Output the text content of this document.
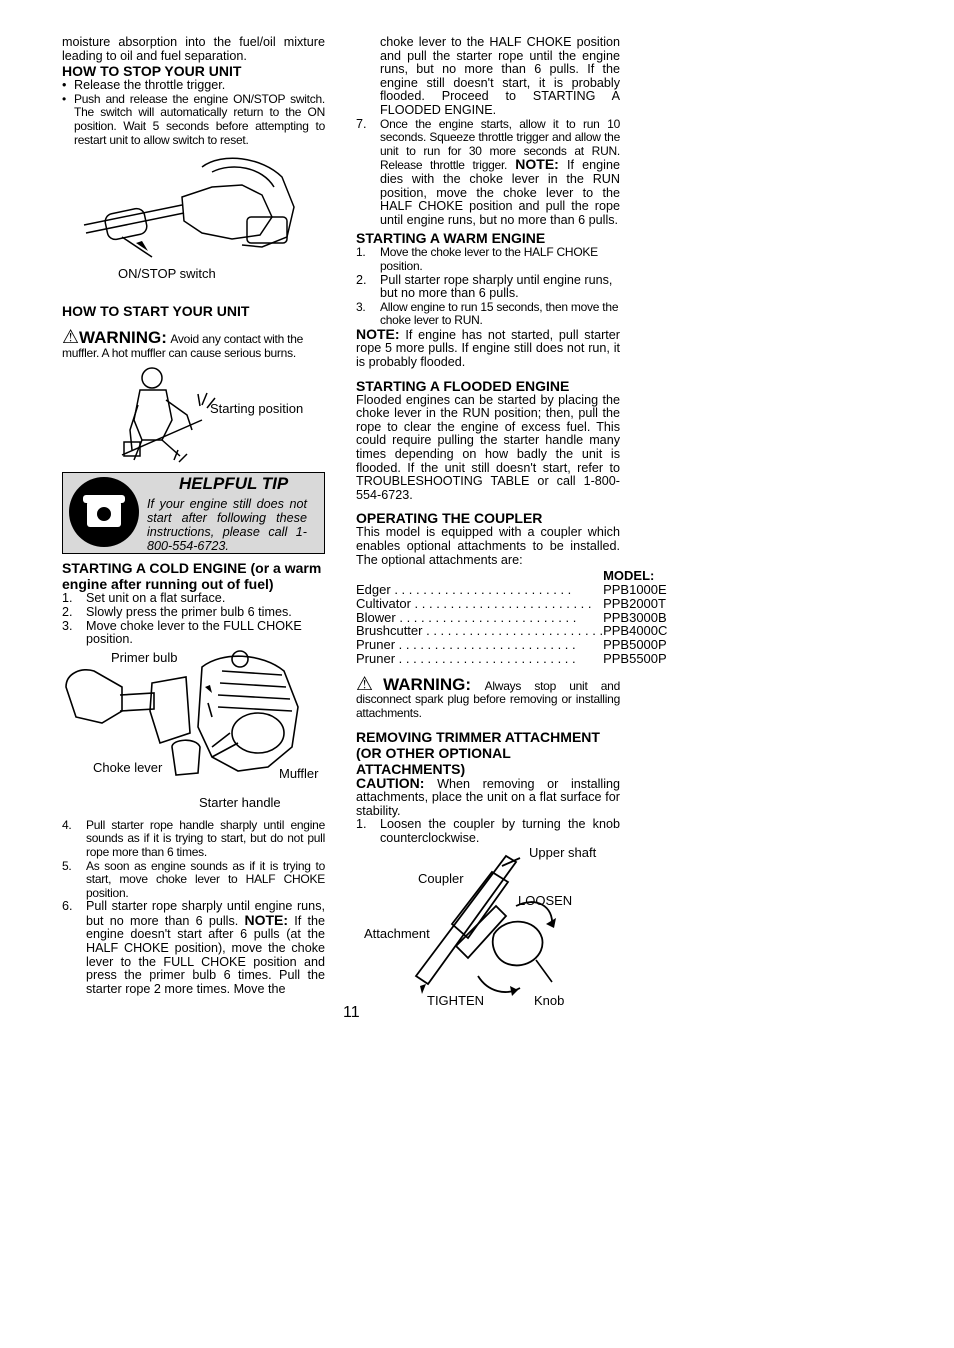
moisture absorption into the fuel/oil mixture leading to oil and fuel separation.

HOW TO STOP YOUR UNIT

• Release the throttle trigger.

• Push and release the engine ON/STOP switch. The switch will automatically return to the ON position. Wait 5 seconds before attempting to restart unit to allow switch to reset.

ON/STOP switch

HOW TO START YOUR UNIT

⚠WARNING: Avoid any contact with the muffler. A hot muffler can cause serious burns.

Starting position
HELPFUL TIP

If your engine still does not start after following these instructions, please call 1-800-554-6723.

STARTING A COLD ENGINE (or a warm engine after running out of fuel)

1. Set unit on a flat surface.

2. Slowly press the primer bulb 6 times.

3. Move choke lever to the FULL CHOKE position.

Primer bulb
Choke lever	Muffler
Starter handle

4. Pull starter rope handle sharply until engine sounds as if it is trying to start, but do not pull rope more than 6 times.

5. As soon as engine sounds as if it is trying to start, move choke lever to HALF CHOKE position.

6. Pull starter rope sharply until engine runs, but no more than 6 pulls. NOTE: If the engine doesn't start after 6 pulls (at the HALF CHOKE position), move the choke lever to the FULL CHOKE position and press the primer bulb 6 times. Pull the starter rope 2 more times. Move the

choke lever to the HALF CHOKE position and pull the starter rope until the engine runs, but no more than 6 pulls. If the engine still doesn't start, it is probably flooded. Proceed to STARTING A FLOODED ENGINE.

7. Once the engine starts, allow it to run 10 seconds. Squeeze throttle trigger and allow the unit to run for 30 more seconds at RUN. Release throttle trigger. NOTE: If engine dies with the choke lever in the RUN position, move the choke lever to the HALF CHOKE position and pull the rope until engine runs, but no more than 6 pulls.

STARTING A WARM ENGINE

1. Move the choke lever to the HALF CHOKE position.

2. Pull starter rope sharply until engine runs, but no more than 6 pulls.

3. Allow engine to run 15 seconds, then move the choke lever to RUN.

NOTE: If engine has not started, pull starter rope 5 more pulls. If engine still does not run, it is probably flooded.

STARTING A FLOODED ENGINE

Flooded engines can be started by placing the choke lever in the RUN position; then, pull the rope to clear the engine of excess fuel. This could require pulling the starter handle many times depending on how badly the unit is flooded. If the unit still doesn't start, refer to TROUBLESHOOTING TABLE or call 1-800-554-6723.

OPERATING THE COUPLER

This model is equipped with a coupler which enables optional attachments to be installed. The optional attachments are:

	MODEL:
Edger . . . . . . . . . . . . . . . . . . . . . . . . .	PPB1000E
Cultivator . . . . . . . . . . . . . . . . . . . . . . . . .	PPB2000T
Blower . . . . . . . . . . . . . . . . . . . . . . . . .	PPB3000B
Brushcutter . . . . . . . . . . . . . . . . . . . . . . . . .	PPB4000C
Pruner . . . . . . . . . . . . . . . . . . . . . . . . .	PPB5000P
Pruner . . . . . . . . . . . . . . . . . . . . . . . . .	PPB5500P

⚠WARNING: Always stop unit and disconnect spark plug before removing or installing attachments.

REMOVING TRIMMER ATTACHMENT (OR OTHER OPTIONAL ATTACHMENTS)

CAUTION: When removing or installing attachments, place the unit on a flat surface for stability.

1. Loosen the coupler by turning the knob counterclockwise.

Upper shaft
Coupler
LOOSEN
Attachment
TIGHTEN	Knob
11
